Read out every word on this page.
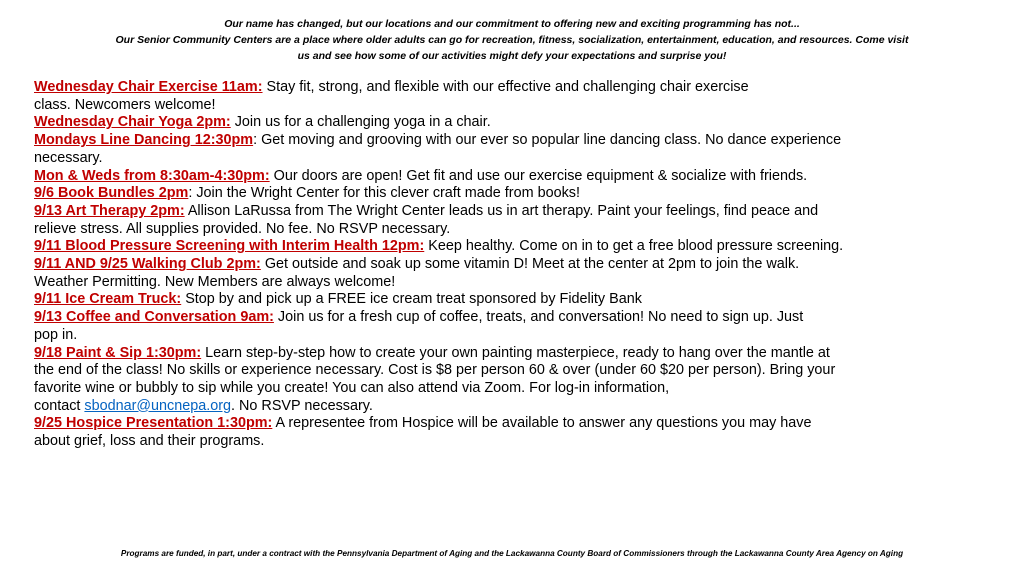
Our name has changed, but our locations and our commitment to offering new and exciting programming has not...
Our Senior Community Centers are a place where older adults can go for recreation, fitness, socialization, entertainment, education, and resources. Come visit
us and see how some of our activities might defy your expectations and surprise you!
Wednesday Chair Exercise 11am: Stay fit, strong, and flexible with our effective and challenging chair exercise
class. Newcomers welcome!
Wednesday Chair Yoga 2pm: Join us for a challenging yoga in a chair.
Mondays Line Dancing 12:30pm: Get moving and grooving with our ever so popular line dancing class. No dance experience
necessary.
Mon & Weds from 8:30am-4:30pm: Our doors are open! Get fit and use our exercise equipment & socialize with friends.
9/6 Book Bundles 2pm: Join the Wright Center for this clever craft made from books!
9/13 Art Therapy 2pm: Allison LaRussa from The Wright Center leads us in art therapy. Paint your feelings, find peace and
relieve stress. All supplies provided. No fee. No RSVP necessary.
9/11 Blood Pressure Screening with Interim Health 12pm: Keep healthy. Come on in to get a free blood pressure screening.
9/11 AND 9/25 Walking Club 2pm: Get outside and soak up some vitamin D! Meet at the center at 2pm to join the walk.
Weather Permitting. New Members are always welcome!
9/11 Ice Cream Truck: Stop by and pick up a FREE ice cream treat sponsored by Fidelity Bank
9/13 Coffee and Conversation 9am: Join us for a fresh cup of coffee, treats, and conversation! No need to sign up. Just
pop in.
9/18 Paint & Sip 1:30pm: Learn step-by-step how to create your own painting masterpiece, ready to hang over the mantle at
the end of the class! No skills or experience necessary. Cost is $8 per person 60 & over (under 60 $20 per person). Bring your
favorite wine or bubbly to sip while you create! You can also attend via Zoom. For log-in information,
contact sbodnar@uncnepa.org. No RSVP necessary.
9/25 Hospice Presentation 1:30pm: A representee from Hospice will be available to answer any questions you may have
about grief, loss and their programs.
Programs are funded, in part, under a contract with the Pennsylvania Department of Aging and the Lackawanna County Board of Commissioners through the Lackawanna County Area Agency on Aging
